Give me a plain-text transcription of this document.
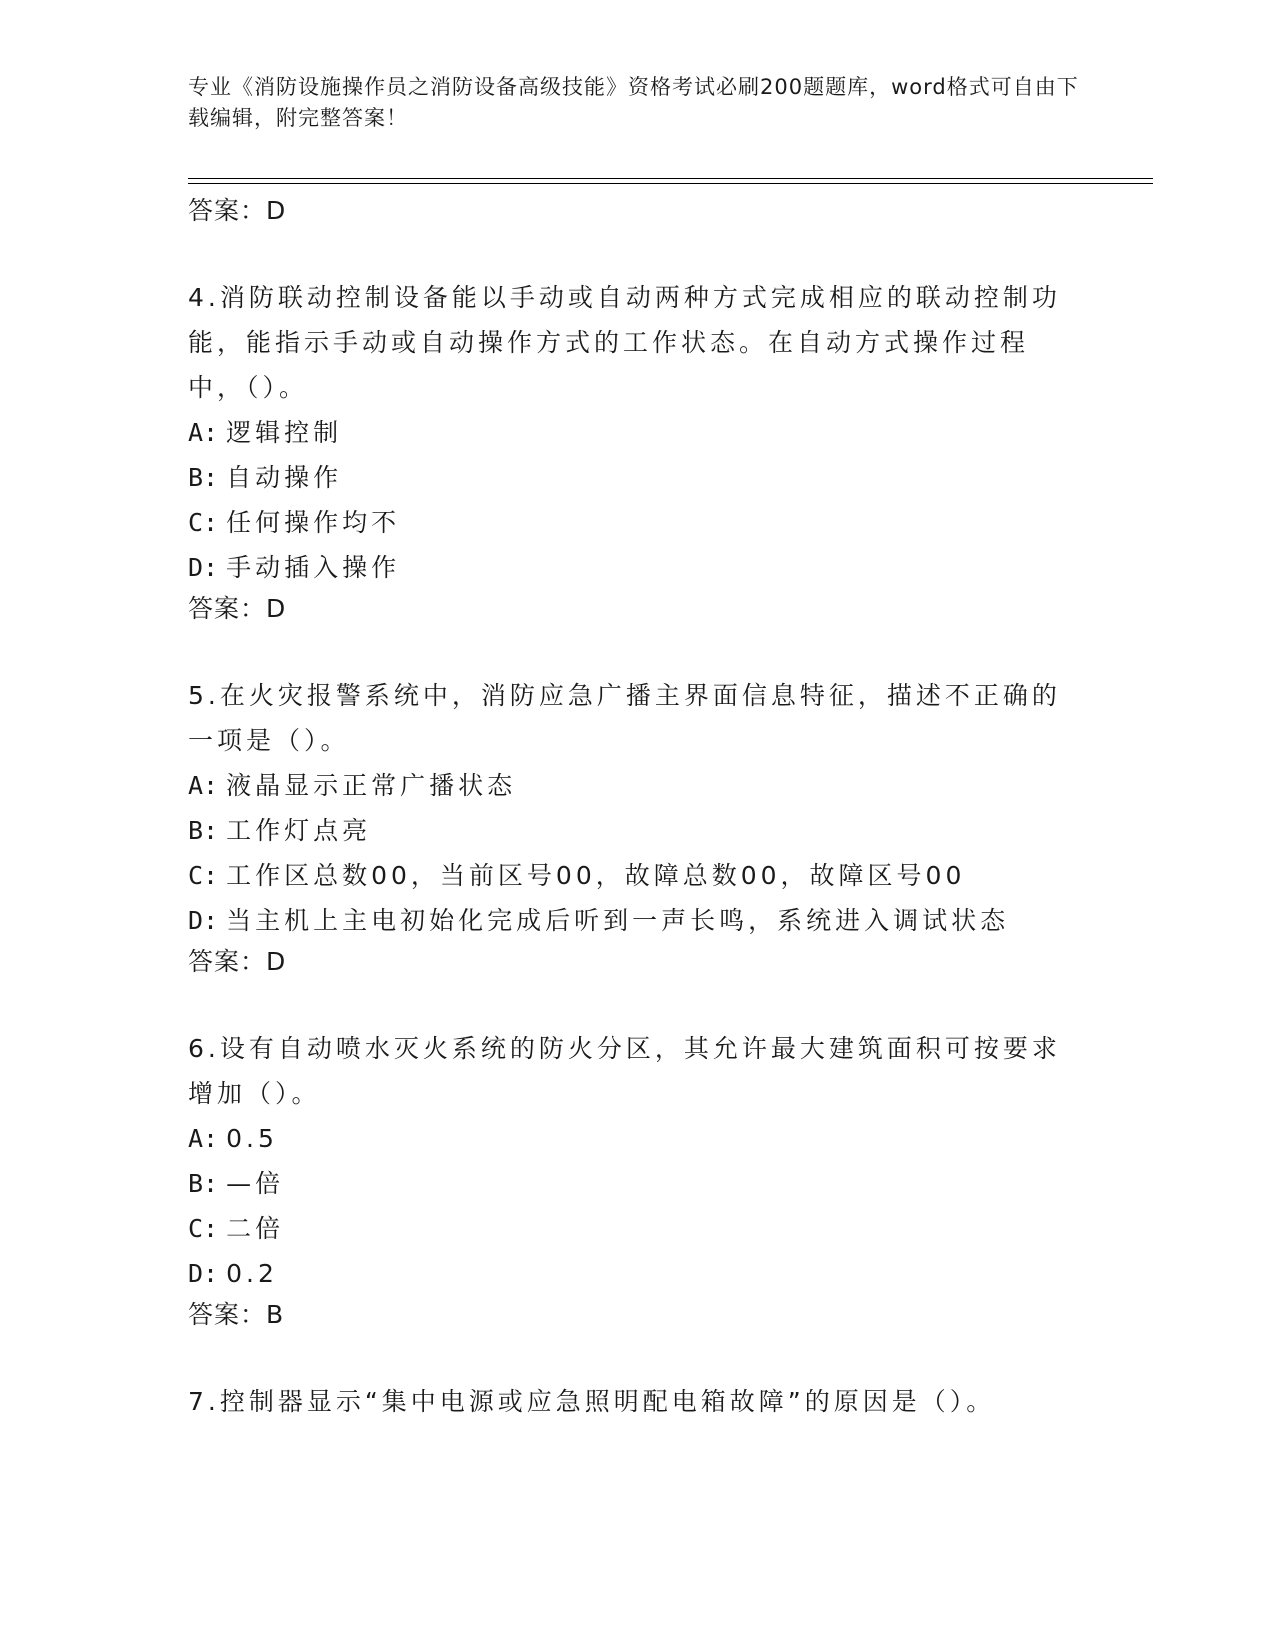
专业《消防设施操作员之消防设备高级技能》资格考试必刷200题题库，word格式可自由下载编辑，附完整答案！
答案：D
4.消防联动控制设备能以手动或自动两种方式完成相应的联动控制功能，能指示手动或自动操作方式的工作状态。在自动方式操作过程中，（）。
A: 逻辑控制
B: 自动操作
C: 任何操作均不
D: 手动插入操作
答案：D
5.在火灾报警系统中，消防应急广播主界面信息特征，描述不正确的一项是（）。
A: 液晶显示正常广播状态
B: 工作灯点亮
C: 工作区总数00，当前区号00，故障总数00，故障区号00
D: 当主机上主电初始化完成后听到一声长鸣，系统进入调试状态
答案：D
6.设有自动喷水灭火系统的防火分区，其允许最大建筑面积可按要求增加（）。
A: 0.5
B: —倍
C: 二倍
D: 0.2
答案：B
7.控制器显示“集中电源或应急照明配电箱故障”的原因是（）。
